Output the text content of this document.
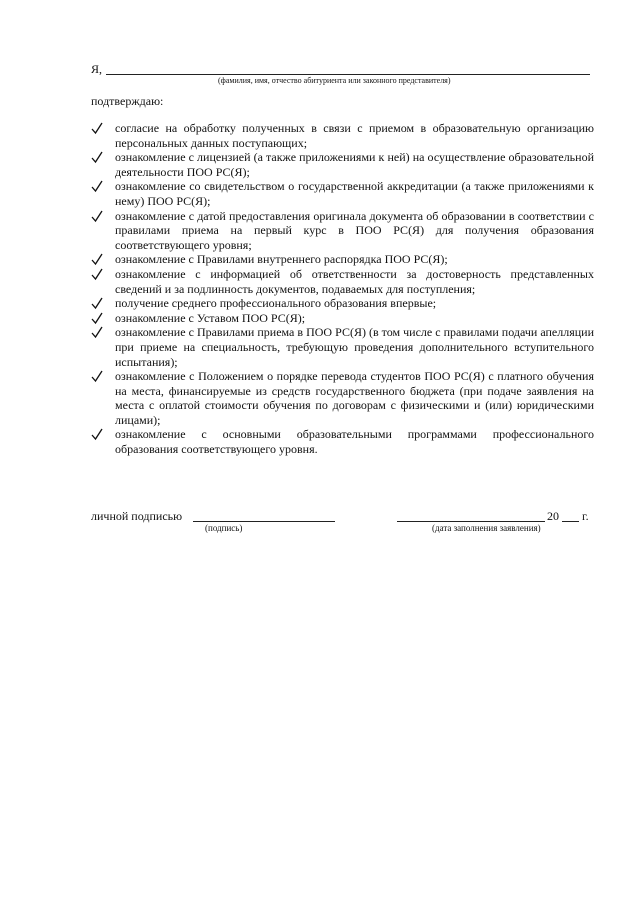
Я,
(фамилия, имя, отчество абитуриента или законного представителя)
подтверждаю:
согласие на обработку полученных в связи с приемом в образовательную организацию персональных данных поступающих;
ознакомление с лицензией (а также приложениями к ней) на осуществление образовательной деятельности ПОО РС(Я);
ознакомление со свидетельством о государственной аккредитации (а также приложениями к нему) ПОО РС(Я);
ознакомление с датой предоставления оригинала документа об образовании в соответствии с правилами приема на первый курс в ПОО РС(Я) для получения образования соответствующего уровня;
ознакомление с Правилами внутреннего распорядка ПОО РС(Я);
ознакомление с информацией об ответственности за достоверность представленных сведений и за подлинность документов, подаваемых для поступления;
получение среднего профессионального образования впервые;
ознакомление с Уставом ПОО РС(Я);
ознакомление с Правилами приема в ПОО РС(Я) (в том числе с правилами подачи апелляции при приеме на специальность, требующую проведения дополнительного вступительного испытания);
ознакомление с Положением о порядке перевода студентов ПОО РС(Я) с платного обучения на места, финансируемые из средств государственного бюджета (при подаче заявления на места с оплатой стоимости обучения по договорам с физическими и (или) юридическими лицами);
ознакомление с основными образовательными программами профессионального образования соответствующего уровня.
личной подписью
(подпись)
20 г.
(дата заполнения заявления)
